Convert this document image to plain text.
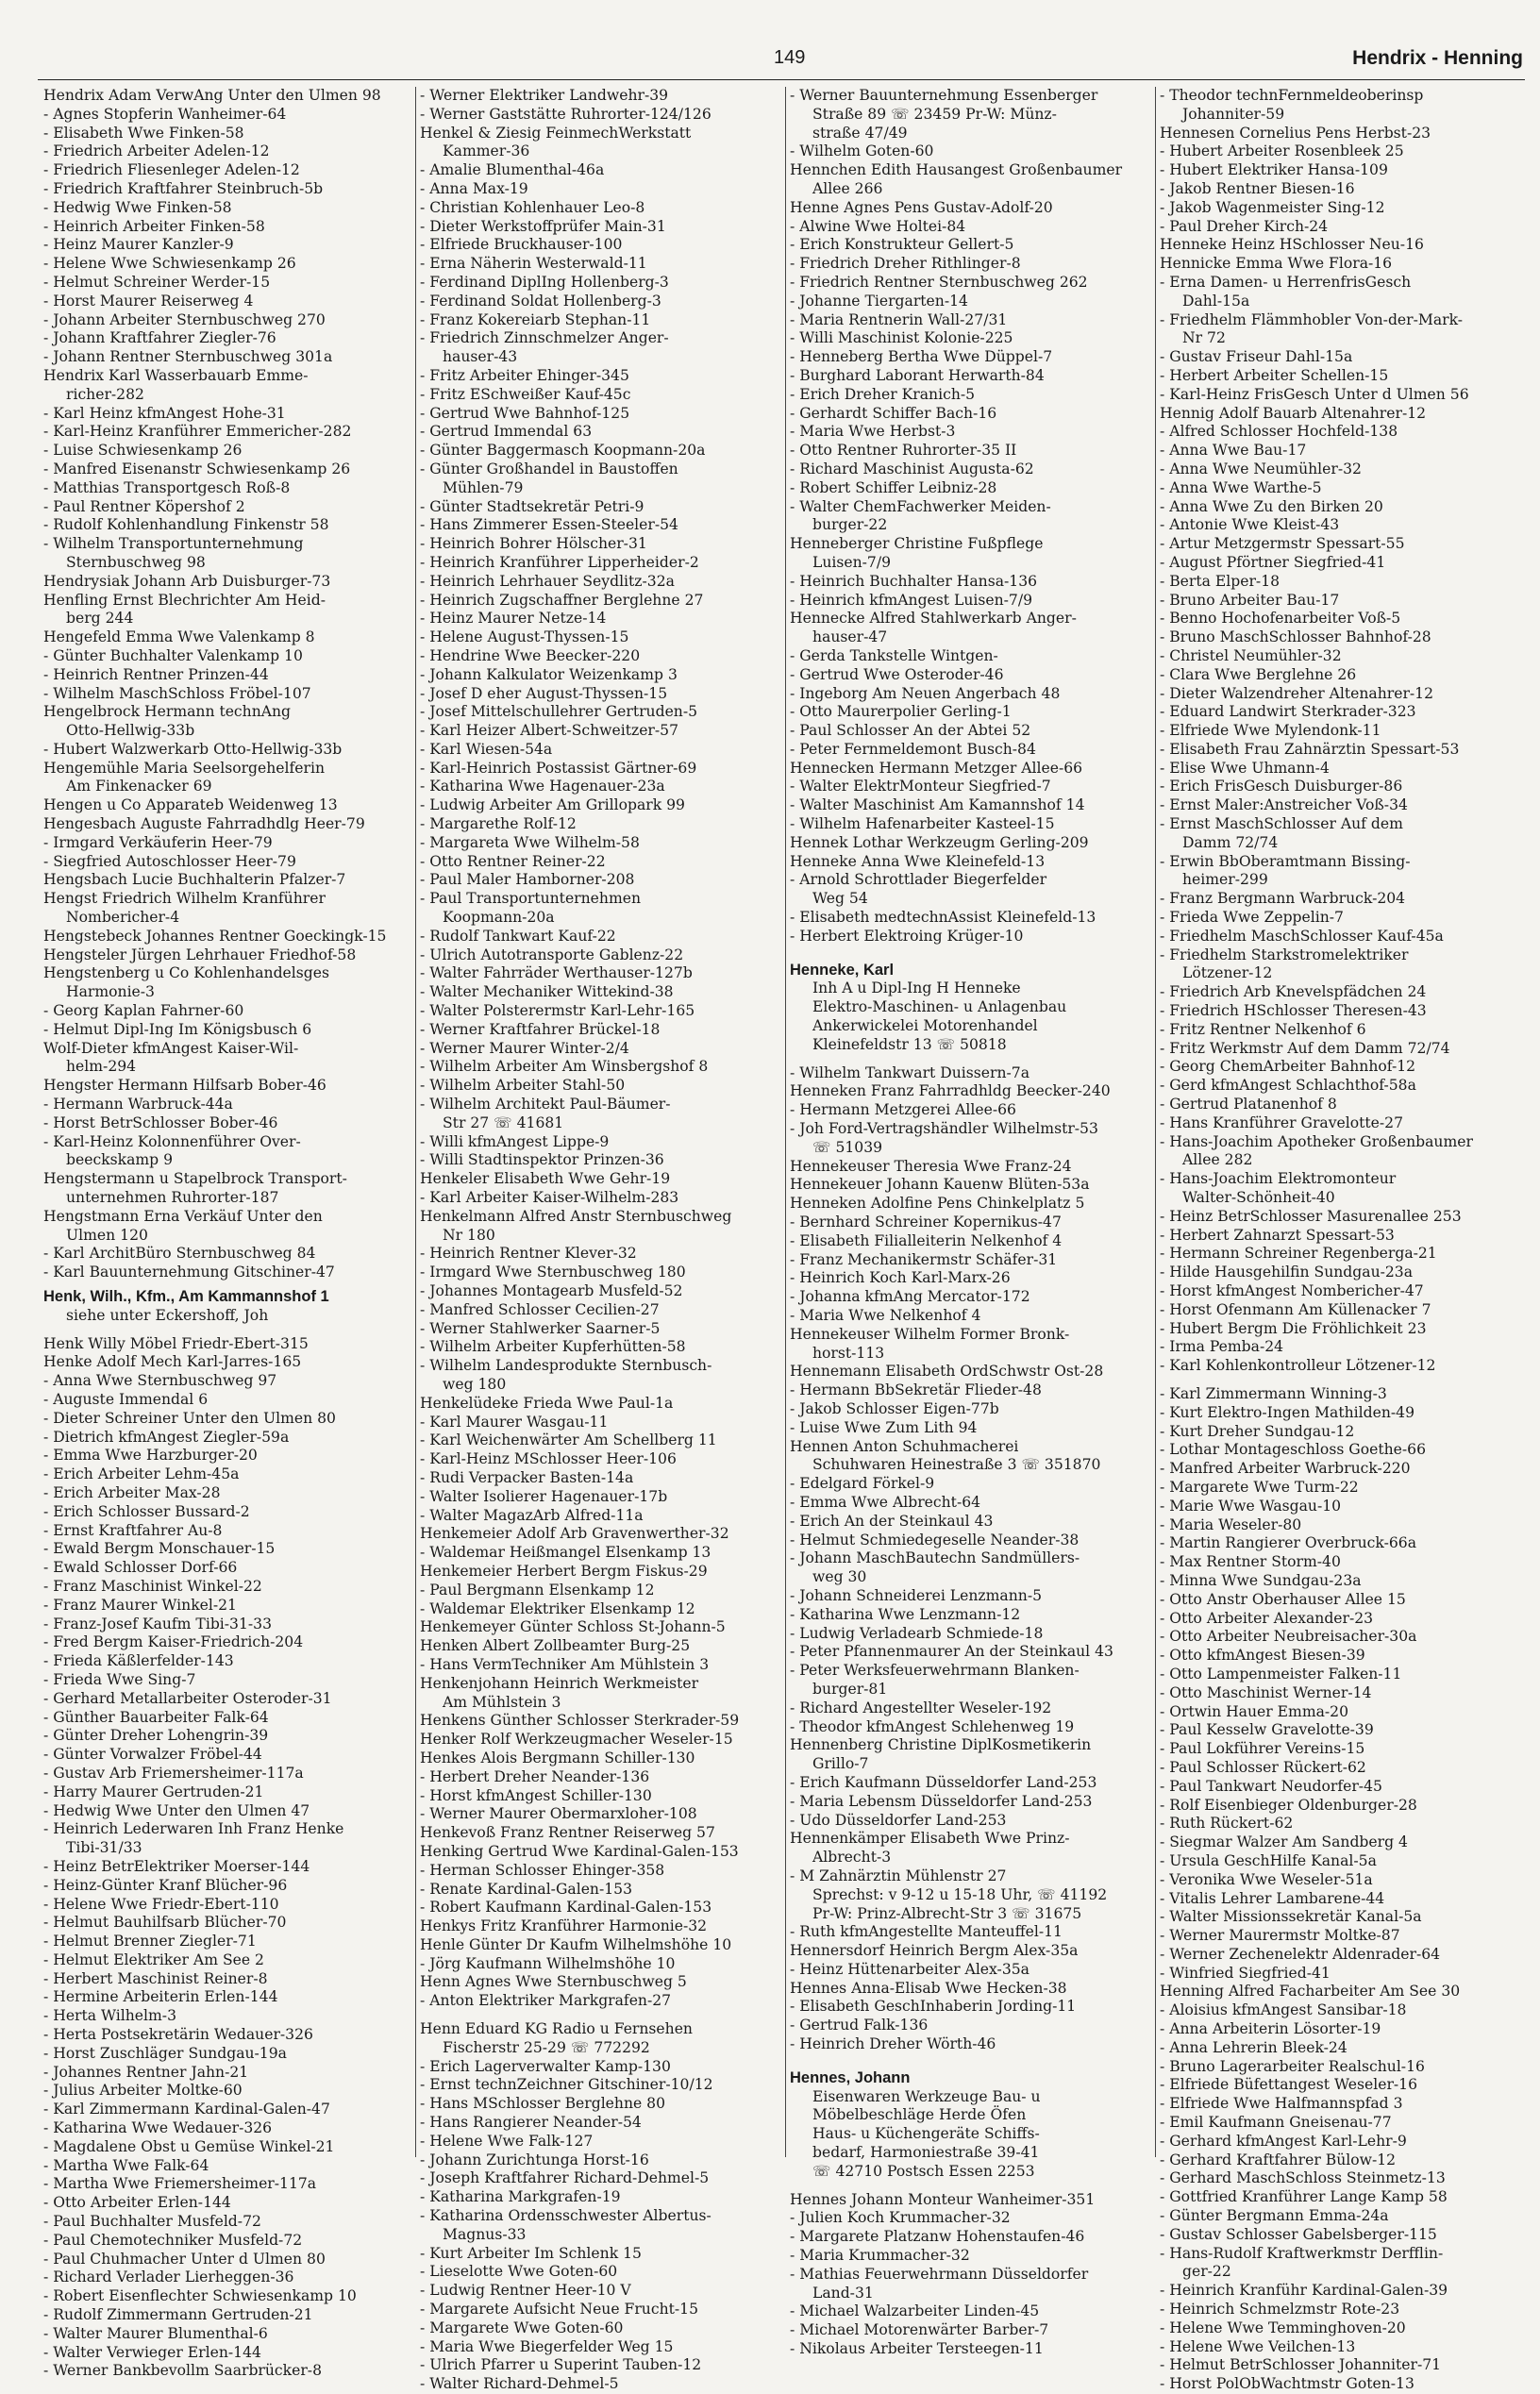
149	Hendrix - Henning
Hendrix Adam VerwAng Unter den Ulmen 98
- Agnes Stopferin Wanheimer-64
- Elisabeth Wwe Finken-58
- Friedrich Arbeiter Adelen-12
- Friedrich Fliesenleger Adelen-12
- Friedrich Kraftfahrer Steinbruch-5b
- Hedwig Wwe Finken-58
- Heinrich Arbeiter Finken-58
- Heinz Maurer Kanzler-9
- Helene Wwe Schwiesenkamp 26
- Helmut Schreiner Werder-15
- Horst Maurer Reiserweg 4
- Johann Arbeiter Sternbuschweg 270
- Johann Kraftfahrer Ziegler-76
- Johann Rentner Sternbuschweg 301a
Hendrix Karl Wasserbauarb Emme-
richer-282
- Karl Heinz kfmAngest Hohe-31
- Karl-Heinz Kranführer Emmericher-282
- Luise Schwiesenkamp 26
- Manfred Eisenanstr Schwiesenkamp 26
- Matthias Transportgesch Roß-8
- Paul Rentner Köpershof 2
- Rudolf Kohlenhandlung Finkenstr 58
- Wilhelm Transportunternehmung
Sternbuschweg 98
Hendrysiak Johann Arb Duisburger-73
Henfling Ernst Blechrichter Am Heid-
berg 244
Hengefeld Emma Wwe Valenkamp 8
- Günter Buchhalter Valenkamp 10
- Heinrich Rentner Prinzen-44
- Wilhelm MaschSchloss Fröbel-107
Hengelbrock Hermann technAng
Otto-Hellwig-33b
- Hubert Walzwerkarb Otto-Hellwig-33b
Hengemühle Maria Seelsorgehelferin
Am Finkenacker 69
Hengen u Co Apparateb Weidenweg 13
Hengesbach Auguste Fahrradhdlg Heer-79
- Irmgard Verkäuferin Heer-79
- Siegfried Autoschlosser Heer-79
Hengsbach Lucie Buchhalterin Pfalzer-7
Hengst Friedrich Wilhelm Kranführer
Nombericher-4
Hengstebeck Johannes Rentner Goeckingk-15
Hengsteler Jürgen Lehrhauer Friedhof-58
Hengstenberg u Co Kohlenhandelsges
Harmonie-3
- Georg Kaplan Fahrner-60
- Helmut Dipl-Ing Im Königsbusch 6
Wolf-Dieter kfmAngest Kaiser-Wil-
helm-294
Hengster Hermann Hilfsarb Bober-46
- Hermann Warbruck-44a
- Horst BetrSchlosser Bober-46
- Karl-Heinz Kolonnenführer Over-
beeckskamp 9
Hengstermann u Stapelbrock Transport-
unternehmen Ruhrorter-187
Hengstmann Erna Verkäuf Unter den
Ulmen 120
- Karl ArchitBüro Sternbuschweg 84
- Karl Bauunternehmung Gitschiner-47
Henk, Wilh., Kfm., Am Kammannshof 1
siehe unter Eckershoff, Joh
Henk Willy Möbel Friedr-Ebert-315
Henke Adolf Mech Karl-Jarres-165
- Anna Wwe Sternbuschweg 97
- Auguste Immendal 6
- Dieter Schreiner Unter den Ulmen 80
- Dietrich kfmAngest Ziegler-59a
- Emma Wwe Harzburger-20
- Erich Arbeiter Lehm-45a
- Erich Arbeiter Max-28
- Erich Schlosser Bussard-2
- Ernst Kraftfahrer Au-8
- Ewald Bergm Monschauer-15
- Ewald Schlosser Dorf-66
- Franz Maschinist Winkel-22
- Franz Maurer Winkel-21
- Franz-Josef Kaufm Tibi-31-33
- Fred Bergm Kaiser-Friedrich-204
- Frieda Käßlerfelder-143
- Frieda Wwe Sing-7
- Gerhard Metallarbeiter Osteroder-31
- Günther Bauarbeiter Falk-64
- Günter Dreher Lohengrin-39
- Günter Vorwalzer Fröbel-44
- Gustav Arb Friemersheimer-117a
- Harry Maurer Gertruden-21
- Hedwig Wwe Unter den Ulmen 47
- Heinrich Lederwaren Inh Franz Henke
Tibi-31/33
- Heinz BetrElektriker Moerser-144
- Heinz-Günter Kranf Blücher-96
- Helene Wwe Friedr-Ebert-110
- Helmut Bauhilfsarb Blücher-70
- Helmut Brenner Ziegler-71
- Helmut Elektriker Am See 2
- Herbert Maschinist Reiner-8
- Hermine Arbeiterin Erlen-144
- Herta Wilhelm-3
- Herta Postsekretärin Wedauer-326
- Horst Zuschläger Sundgau-19a
- Johannes Rentner Jahn-21
- Julius Arbeiter Moltke-60
- Karl Zimmermann Kardinal-Galen-47
- Katharina Wwe Wedauer-326
- Magdalene Obst u Gemüse Winkel-21
- Martha Wwe Falk-64
- Martha Wwe Friemersheimer-117a
- Otto Arbeiter Erlen-144
- Paul Buchhalter Musfeld-72
- Paul Chemotechniker Musfeld-72
- Paul Chuhmacher Unter d Ulmen 80
- Richard Verlader Lierheggen-36
- Robert Eisenflechter Schwiesenkamp 10
- Rudolf Zimmermann Gertruden-21
- Walter Maurer Blumenthal-6
- Walter Verwieger Erlen-144
- Werner Bankbevollm Saarbrücker-8
- Werner Elektriker Landwehr-39
- Werner Gaststätte Ruhrorter-124/126
Henkel & Ziesig FeinmechWerkstatt
Kammer-36
- Amalie Blumenthal-46a
- Anna Max-19
- Christian Kohlenhauer Leo-8
- Dieter Werkstoffprüfer Main-31
- Elfriede Bruckhauser-100
- Erna Näherin Westerwald-11
- Ferdinand DiplIng Hollenberg-3
- Ferdinand Soldat Hollenberg-3
- Franz Kokereiarb Stephan-11
- Friedrich Zinnschmelzer Anger-
hauser-43
- Fritz Arbeiter Ehinger-345
- Fritz ESchweißer Kauf-45c
- Gertrud Wwe Bahnhof-125
- Gertrud Immendal 63
- Günter Baggermasch Koopmann-20a
- Günter Großhandel in Baustoffen
Mühlen-79
- Günter Stadtsekretär Petri-9
- Hans Zimmerer Essen-Steeler-54
- Heinrich Bohrer Hölscher-31
- Heinrich Kranführer Lipperheider-2
- Heinrich Lehrhauer Seydlitz-32a
- Heinrich Zugschaffner Berglehne 27
- Heinz Maurer Netze-14
- Helene August-Thyssen-15
- Hendrine Wwe Beecker-220
- Johann Kalkulator Weizenkamp 3
- Josef D eher August-Thyssen-15
- Josef Mittelschullehrer Gertruden-5
- Karl Heizer Albert-Schweitzer-57
- Karl Wiesen-54a
- Karl-Heinrich Postassist Gärtner-69
- Katharina Wwe Hagenauer-23a
- Ludwig Arbeiter Am Grillopark 99
- Margarethe Rolf-12
- Margareta Wwe Wilhelm-58
- Otto Rentner Reiner-22
- Paul Maler Hamborner-208
- Paul Transportunternehmen
Koopmann-20a
- Rudolf Tankwart Kauf-22
- Ulrich Autotransporte Gablenz-22
- Walter Fahrräder Werthauser-127b
- Walter Mechaniker Wittekind-38
- Walter Polsterermstr Karl-Lehr-165
- Werner Kraftfahrer Brückel-18
- Werner Maurer Winter-2/4
- Wilhelm Arbeiter Am Winsbergshof 8
- Wilhelm Arbeiter Stahl-50
- Wilhelm Architekt Paul-Bäumer-
Str 27 ☏ 41681
- Willi kfmAngest Lippe-9
- Willi Stadtinspektor Prinzen-36
Henkeler Elisabeth Wwe Gehr-19
- Karl Arbeiter Kaiser-Wilhelm-283
Henkelmann Alfred Anstr Sternbuschweg
Nr 180
- Heinrich Rentner Klever-32
- Irmgard Wwe Sternbuschweg 180
- Johannes Montagearb Musfeld-52
- Manfred Schlosser Cecilien-27
- Werner Stahlwerker Saarner-5
- Wilhelm Arbeiter Kupferhütten-58
- Wilhelm Landesprodukte Sternbusch-
weg 180
Henkelüdeke Frieda Wwe Paul-1a
- Karl Maurer Wasgau-11
- Karl Weichenwärter Am Schellberg 11
- Karl-Heinz MSchlosser Heer-106
- Rudi Verpacker Basten-14a
- Walter Isolierer Hagenauer-17b
- Walter MagazArb Alfred-11a
Henkemeier Adolf Arb Gravenwerther-32
- Waldemar Heißmangel Elsenkamp 13
Henkemeier Herbert Bergm Fiskus-29
- Paul Bergmann Elsenkamp 12
- Waldemar Elektriker Elsenkamp 12
Henkemeyer Günter Schloss St-Johann-5
Henken Albert Zollbeamter Burg-25
- Hans VermTechniker Am Mühlstein 3
Henkenjohann Heinrich Werkmeister
Am Mühlstein 3
Henkens Günther Schlosser Sterkrader-59
Henker Rolf Werkzeugmacher Weseler-15
Henkes Alois Bergmann Schiller-130
- Herbert Dreher Neander-136
- Horst kfmAngest Schiller-130
- Werner Maurer Obermarxloher-108
Henkevoß Franz Rentner Reiserweg 57
Henking Gertrud Wwe Kardinal-Galen-153
- Herman Schlosser Ehinger-358
- Renate Kardinal-Galen-153
- Robert Kaufmann Kardinal-Galen-153
Henkys Fritz Kranführer Harmonie-32
Henle Günter Dr Kaufm Wilhelmshöhe 10
- Jörg Kaufmann Wilhelmshöhe 10
Henn Agnes Wwe Sternbuschweg 5
- Anton Elektriker Markgrafen-27
Henn Eduard KG Radio u Fernsehen
Fischerstr 25-29 ☏ 772292
- Erich Lagerverwalter Kamp-130
- Ernst technZeichner Gitschiner-10/12
- Hans MSchlosser Berglehne 80
- Hans Rangierer Neander-54
- Helene Wwe Falk-127
- Johann Zurichtunga Horst-16
- Joseph Kraftfahrer Richard-Dehmel-5
- Katharina Markgrafen-19
- Katharina Ordensschwester Albertus-
Magnus-33
- Kurt Arbeiter Im Schlenk 15
- Lieselotte Wwe Goten-60
- Ludwig Rentner Heer-10 V
- Margarete Aufsicht Neue Frucht-15
- Margarete Wwe Goten-60
- Maria Wwe Biegerfelder Weg 15
- Ulrich Pfarrer u Superint Tauben-12
- Walter Richard-Dehmel-5
- Werner Bauunternehmung Essenberger
Straße 89 ☏ 23459 Pr-W: Münz-
straße 47/49
- Wilhelm Goten-60
Hennchen Edith Hausangest Großenbaumer
Allee 266
Henne Agnes Pens Gustav-Adolf-20
- Alwine Wwe Holtei-84
- Erich Konstrukteur Gellert-5
- Friedrich Dreher Rithlinger-8
- Friedrich Rentner Sternbuschweg 262
- Johanne Tiergarten-14
- Maria Rentnerin Wall-27/31
- Willi Maschinist Kolonie-225
- Henneberg Bertha Wwe Düppel-7
- Burghard Laborant Herwarth-84
- Erich Dreher Kranich-5
- Gerhardt Schiffer Bach-16
- Maria Wwe Herbst-3
- Otto Rentner Ruhrorter-35 II
- Richard Maschinist Augusta-62
- Robert Schiffer Leibniz-28
- Walter ChemFachwerker Meiden-
burger-22
Henneberger Christine Fußpflege
Luisen-7/9
- Heinrich Buchhalter Hansa-136
- Heinrich kfmAngest Luisen-7/9
Hennecke Alfred Stahlwerkarb Anger-
hauser-47
- Gerda Tankstelle Wintgen-
- Gertrud Wwe Osteroder-46
- Ingeborg Am Neuen Angerbach 48
- Otto Maurerpolier Gerling-1
- Paul Schlosser An der Abtei 52
- Peter Fernmeldemont Busch-84
Hennecken Hermann Metzger Allee-66
- Walter ElektrMonteur Siegfried-7
- Walter Maschinist Am Kamannshof 14
- Wilhelm Hafenarbeiter Kasteel-15
Hennek Lothar Werkzeugm Gerling-209
Henneke Anna Wwe Kleinefeld-13
- Arnold Schrottlader Biegerfelder
Weg 54
- Elisabeth medtechnAssist Kleinefeld-13
- Herbert Elektroing Krüger-10
Henneke, Karl
Inh A u Dipl-Ing H Henneke
Elektro-Maschinen- u Anlagenbau
Ankerwickelei Motorenhandel
Kleinefeldstr 13 ☏ 50818
- Wilhelm Tankwart Duissern-7a
Henneken Franz Fahrradhldg Beecker-240
- Hermann Metzgerei Allee-66
- Joh Ford-Vertragshändler Wilhelmstr-53
☏ 51039
Hennekeuser Theresia Wwe Franz-24
Hennekeuer Johann Kauenw Blüten-53a
Henneken Adolfine Pens Chinkelplatz 5
- Bernhard Schreiner Kopernikus-47
- Elisabeth Filialleiterin Nelkenhof 4
- Franz Mechanikermstr Schäfer-31
- Heinrich Koch Karl-Marx-26
- Johanna kfmAng Mercator-172
- Maria Wwe Nelkenhof 4
Hennekeuser Wilhelm Former Bronk-
horst-113
Hennemann Elisabeth OrdSchwstr Ost-28
- Hermann BbSekretär Flieder-48
- Jakob Schlosser Eigen-77b
- Luise Wwe Zum Lith 94
Hennen Anton Schuhmacherei
Schuhwaren Heinestraße 3 ☏ 351870
- Edelgard Förkel-9
- Emma Wwe Albrecht-64
- Erich An der Steinkaul 43
- Helmut Schmiedegeselle Neander-38
- Johann MaschBautechn Sandmüllers-
weg 30
- Johann Schneiderei Lenzmann-5
- Katharina Wwe Lenzmann-12
- Ludwig Verladearb Schmiede-18
- Peter Pfannenmaurer An der Steinkaul 43
- Peter Werksfeuerwehrmann Blanken-
burger-81
- Richard Angestellter Weseler-192
- Theodor kfmAngest Schlehenweg 19
Hennenberg Christine DiplKosmetikerin
Grillo-7
- Erich Kaufmann Düsseldorfer Land-253
- Maria Lebensm Düsseldorfer Land-253
- Udo Düsseldorfer Land-253
Hennenkämper Elisabeth Wwe Prinz-
Albrecht-3
- M Zahnärztin Mühlenstr 27
Sprechst: v 9-12 u 15-18 Uhr, ☏ 41192
Pr-W: Prinz-Albrecht-Str 3 ☏ 31675
- Ruth kfmAngestellte Manteuffel-11
Hennersdorf Heinrich Bergm Alex-35a
- Heinz Hüttenarbeiter Alex-35a
Hennes Anna-Elisab Wwe Hecken-38
- Elisabeth GeschInhaberin Jording-11
- Gertrud Falk-136
- Heinrich Dreher Wörth-46
Hennes, Johann
Eisenwaren Werkzeuge Bau- u
Möbelbeschläge Herde Öfen
Haus- u Küchengeräte Schiffs-
bedarf, Harmoniestraße 39-41
☏ 42710 Postsch Essen 2253
Hennes Johann Monteur Wanheimer-351
- Julien Koch Krummacher-32
- Margarete Platzanw Hohenstaufen-46
- Maria Krummacher-32
- Mathias Feuerwehrmann Düsseldorfer
Land-31
- Michael Walzarbeiter Linden-45
- Michael Motorenwärter Barber-7
- Nikolaus Arbeiter Tersteegen-11
- Theodor technFernmeldeoberinsp
Johanniter-59
Hennesen Cornelius Pens Herbst-23
- Hubert Arbeiter Rosenbleek 25
- Hubert Elektriker Hansa-109
- Jakob Rentner Biesen-16
- Jakob Wagenmeister Sing-12
- Paul Dreher Kirch-24
Henneke Heinz HSchlosser Neu-16
Hennicke Emma Wwe Flora-16
- Erna Damen- u HerrenfrisGesch
Dahl-15a
- Friedhelm Flämmhobler Von-der-Mark-
Nr 72
- Gustav Friseur Dahl-15a
- Herbert Arbeiter Schellen-15
- Karl-Heinz FrisGesch Unter d Ulmen 56
Hennig Adolf Bauarb Altenahrer-12
- Alfred Schlosser Hochfeld-138
- Anna Wwe Bau-17
- Anna Wwe Neumühler-32
- Anna Wwe Warthe-5
- Anna Wwe Zu den Birken 20
- Antonie Wwe Kleist-43
- Artur Metzgermstr Spessart-55
- August Pförtner Siegfried-41
- Berta Elper-18
- Bruno Arbeiter Bau-17
- Benno Hochofenarbeiter Voß-5
- Bruno MaschSchlosser Bahnhof-28
- Christel Neumühler-32
- Clara Wwe Berglehne 26
- Dieter Walzendreher Altenahrer-12
- Eduard Landwirt Sterkrader-323
- Elfriede Wwe Mylendonk-11
- Elisabeth Frau Zahnärztin Spessart-53
- Elise Wwe Uhmann-4
- Erich FrisGesch Duisburger-86
- Ernst Maler:Anstreicher Voß-34
- Ernst MaschSchlosser Auf dem
Damm 72/74
- Erwin BbOberamtmann Bissing-
heimer-299
- Franz Bergmann Warbruck-204
- Frieda Wwe Zeppelin-7
- Friedhelm MaschSchlosser Kauf-45a
- Friedhelm Starkstromelektriker
Lötzener-12
- Friedrich Arb Knevelspfädchen 24
- Friedrich HSchlosser Theresen-43
- Fritz Rentner Nelkenhof 6
- Fritz Werkmstr Auf dem Damm 72/74
- Georg ChemArbeiter Bahnhof-12
- Gerd kfmAngest Schlachthof-58a
- Gertrud Platanenhof 8
- Hans Kranführer Gravelotte-27
- Hans-Joachim Apotheker Großenbaumer
Allee 282
- Hans-Joachim Elektromonteur
Walter-Schönheit-40
- Heinz BetrSchlosser Masurenallee 253
- Herbert Zahnarzt Spessart-53
- Hermann Schreiner Regenberga-21
- Hilde Hausgehilfin Sundgau-23a
- Horst kfmAngest Nombericher-47
- Horst Ofenmann Am Küllenacker 7
- Hubert Bergm Die Fröhlichkeit 23
- Irma Pemba-24
- Karl Kohlenkontrolleur Lötzener-12
- Karl Zimmermann Winning-3
- Kurt Elektro-Ingen Mathilden-49
- Kurt Dreher Sundgau-12
- Lothar Montageschloss Goethe-66
- Manfred Arbeiter Warbruck-220
- Margarete Wwe Turm-22
- Marie Wwe Wasgau-10
- Maria Weseler-80
- Martin Rangierer Overbruck-66a
- Max Rentner Storm-40
- Minna Wwe Sundgau-23a
- Otto Anstr Oberhauser Allee 15
- Otto Arbeiter Alexander-23
- Otto Arbeiter Neubreisacher-30a
- Otto kfmAngest Biesen-39
- Otto Lampenmeister Falken-11
- Otto Maschinist Werner-14
- Ortwin Hauer Emma-20
- Paul Kesselw Gravelotte-39
- Paul Lokführer Vereins-15
- Paul Schlosser Rückert-62
- Paul Tankwart Neudorfer-45
- Rolf Eisenbieger Oldenburger-28
- Ruth Rückert-62
- Siegmar Walzer Am Sandberg 4
- Ursula GeschHilfe Kanal-5a
- Veronika Wwe Weseler-51a
- Vitalis Lehrer Lambarene-44
- Walter Missionssekretär Kanal-5a
- Werner Maurermstr Moltke-87
- Werner Zechenelektr Aldenrader-64
- Winfried Siegfried-41
Henning Alfred Facharbeiter Am See 30
- Aloisius kfmAngest Sansibar-18
- Anna Arbeiterin Lösorter-19
- Anna Lehrerin Bleek-24
- Bruno Lagerarbeiter Realschul-16
- Elfriede Büfettangest Weseler-16
- Elfriede Wwe Halfmannspfad 3
- Emil Kaufmann Gneisenau-77
- Gerhard kfmAngest Karl-Lehr-9
- Gerhard Kraftfahrer Bülow-12
- Gerhard MaschSchloss Steinmetz-13
- Gottfried Kranführer Lange Kamp 58
- Günter Bergmann Emma-24a
- Gustav Schlosser Gabelsberger-115
- Hans-Rudolf Kraftwerkmstr Derfflin-
ger-22
- Heinrich Kranführ Kardinal-Galen-39
- Heinrich Schmelzmstr Rote-23
- Helene Wwe Temminghoven-20
- Helene Wwe Veilchen-13
- Helmut BetrSchlosser Johanniter-71
- Horst PolObWachtmstr Goten-13
